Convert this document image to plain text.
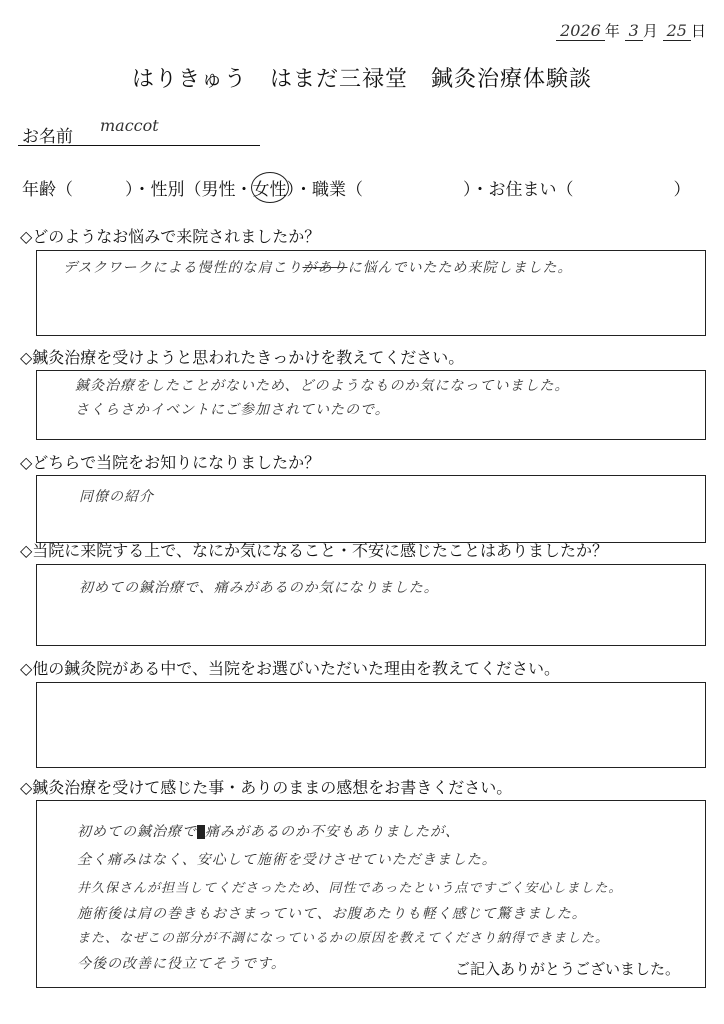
2026 年 3 月 25 日
はりきゅう　はまだ三禄堂　鍼灸治療体験談
お名前
maccot
年齢（	）・性別（男性・女性）・職業（	）・お住まい（	）
◇どのようなお悩みで来院されましたか？
デスクワークによる慢性的な肩こりがありに悩んでいたため来院しました。
◇鍼灸治療を受けようと思われたきっかけを教えてください。
鍼灸治療をしたことがないため、どのようなものか気になっていました。
さくらさかイベントにご参加されていたので。
◇どちらで当院をお知りになりましたか？
同僚の紹介
◇当院に来院する上で、なにか気になること・不安に感じたことはありましたか？
初めての鍼治療で、痛みがあるのか気になりました。
◇他の鍼灸院がある中で、当院をお選びいただいた理由を教えてください。
◇鍼灸治療を受けて感じた事・ありのままの感想をお書きください。
初めての鍼治療で 痛みがあるのか不安もありましたが、
全く痛みはなく、安心して施術を受けさせていただきました。
井久保さんが担当してくださったため、同性であったという点ですごく安心しました。
施術後は肩の巻きもおさまっていて、お腹あたりも軽く感じて驚きました。
また、なぜこの部分が不調になっているかの原因を教えてくださり納得できました。
今後の改善に役立てそうです。	ご記入ありがとうございました。
